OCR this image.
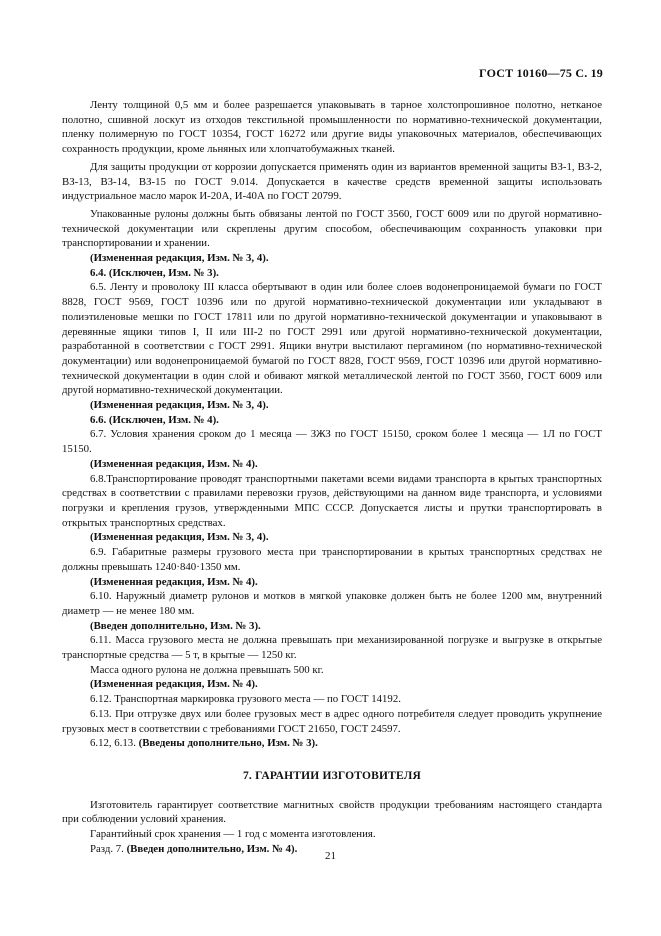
ГОСТ 10160—75 С. 19

Ленту толщиной 0,5 мм и более разрешается упаковывать в тарное холстопрошивное полотно, нетканое полотно, сшивной лоскут из отходов текстильной промышленности по нормативно-технической документации, пленку полимерную по ГОСТ 10354, ГОСТ 16272 или другие виды упаковочных материалов, обеспечивающих сохранность продукции, кроме льняных или хлопчатобумажных тканей.

Для защиты продукции от коррозии допускается применять один из вариантов временной защиты ВЗ-1, ВЗ-2, ВЗ-13, ВЗ-14, ВЗ-15 по ГОСТ 9.014. Допускается в качестве средств временной защиты использовать индустриальное масло марок И-20А, И-40А по ГОСТ 20799.

Упакованные рулоны должны быть обвязаны лентой по ГОСТ 3560, ГОСТ 6009 или по другой нормативно-технической документации или скреплены другим способом, обеспечивающим сохранность упаковки при транспортировании и хранении.

(Измененная редакция, Изм. № 3, 4).

6.4. (Исключен, Изм. № 3).

6.5. Ленту и проволоку III класса обертывают в один или более слоев водонепроницаемой бумаги по ГОСТ 8828, ГОСТ 9569, ГОСТ 10396 или по другой нормативно-технической документации или укладывают в полиэтиленовые мешки по ГОСТ 17811 или по другой нормативно-технической документации и упаковывают в деревянные ящики типов I, II или III-2 по ГОСТ 2991 или другой нормативно-технической документации, разработанной в соответствии с ГОСТ 2991. Ящики внутри выстилают пергамином (по нормативно-технической документации) или водонепроницаемой бумагой по ГОСТ 8828, ГОСТ 9569, ГОСТ 10396 или другой нормативно-технической документации в один слой и обивают мягкой металлической лентой по ГОСТ 3560, ГОСТ 6009 или другой нормативно-технической документации.

(Измененная редакция, Изм. № 3, 4).

6.6. (Исключен, Изм. № 4).

6.7. Условия хранения сроком до 1 месяца — ЗЖЗ по ГОСТ 15150, сроком более 1 месяца — 1Л по ГОСТ 15150.

(Измененная редакция, Изм. № 4).

6.8.Транспортирование проводят транспортными пакетами всеми видами транспорта в крытых транспортных средствах в соответствии с правилами перевозки грузов, действующими на данном виде транспорта, и условиями погрузки и крепления грузов, утвержденными МПС СССР. Допускается листы и прутки транспортировать в открытых транспортных средствах.

(Измененная редакция, Изм. № 3, 4).

6.9. Габаритные размеры грузового места при транспортировании в крытых транспортных средствах не должны превышать 1240·840·1350 мм.

(Измененная редакция, Изм. № 4).

6.10. Наружный диаметр рулонов и мотков в мягкой упаковке должен быть не более 1200 мм, внутренний диаметр — не менее 180 мм.

(Введен дополнительно, Изм. № 3).

6.11. Масса грузового места не должна превышать при механизированной погрузке и выгрузке в открытые транспортные средства — 5 т, в крытые — 1250 кг.

Масса одного рулона не должна превышать 500 кг.

(Измененная редакция, Изм. № 4).

6.12. Транспортная маркировка грузового места — по ГОСТ 14192.

6.13. При отгрузке двух или более грузовых мест в адрес одного потребителя следует проводить укрупнение грузовых мест в соответствии с требованиями ГОСТ 21650, ГОСТ 24597.

6.12, 6.13. (Введены дополнительно, Изм. № 3).

7. ГАРАНТИИ ИЗГОТОВИТЕЛЯ

Изготовитель гарантирует соответствие магнитных свойств продукции требованиям настоящего стандарта при соблюдении условий хранения.

Гарантийный срок хранения — 1 год с момента изготовления.

Разд. 7. (Введен дополнительно, Изм. № 4).

21
